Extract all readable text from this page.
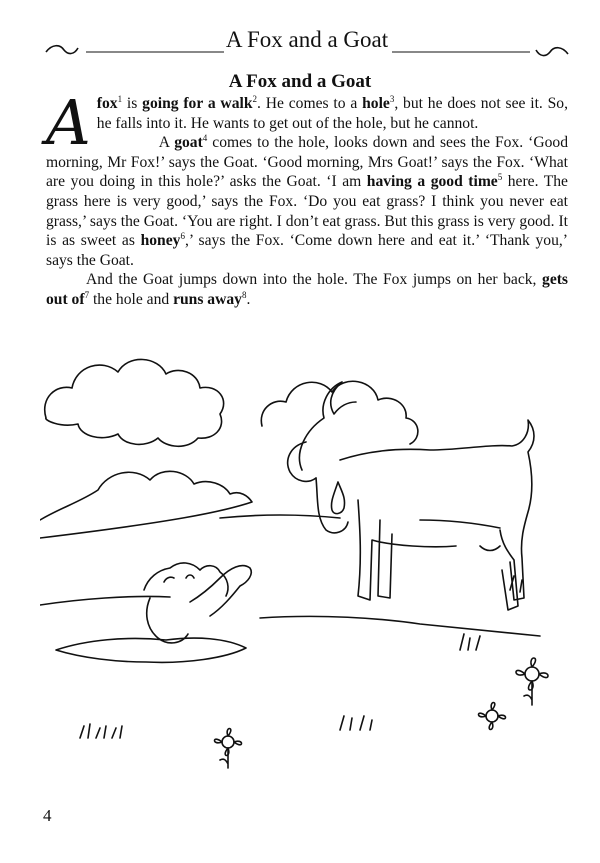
A Fox and a Goat
A Fox and a Goat

Afox$^1$ is going for a walk$^2$. He comes to a hole$^3$, but he does not see it. So, he falls into it. He wants to get out of the hole, but he cannot.

A goat$^4$ comes to the hole, looks down and sees the Fox. ‘Good morning, Mr Fox!’ says the Goat. ‘Good morning, Mrs Goat!’ says the Fox. ‘What are you doing in this hole?’ asks the Goat. ‘I am having a good time$^5$ here. The grass here is very good,’ says the Fox. ‘Do you eat grass? I think you never eat grass,’ says the Goat. ‘You are right. I don’t eat grass. But this grass is very good. It is as sweet as honey$^6$,’ says the Fox. ‘Come down here and eat it.’ ‘Thank you,’ says the Goat.

And the Goat jumps down into the hole. The Fox jumps on her back, gets out $of^7$ the hole and runs away$^8$.

4
